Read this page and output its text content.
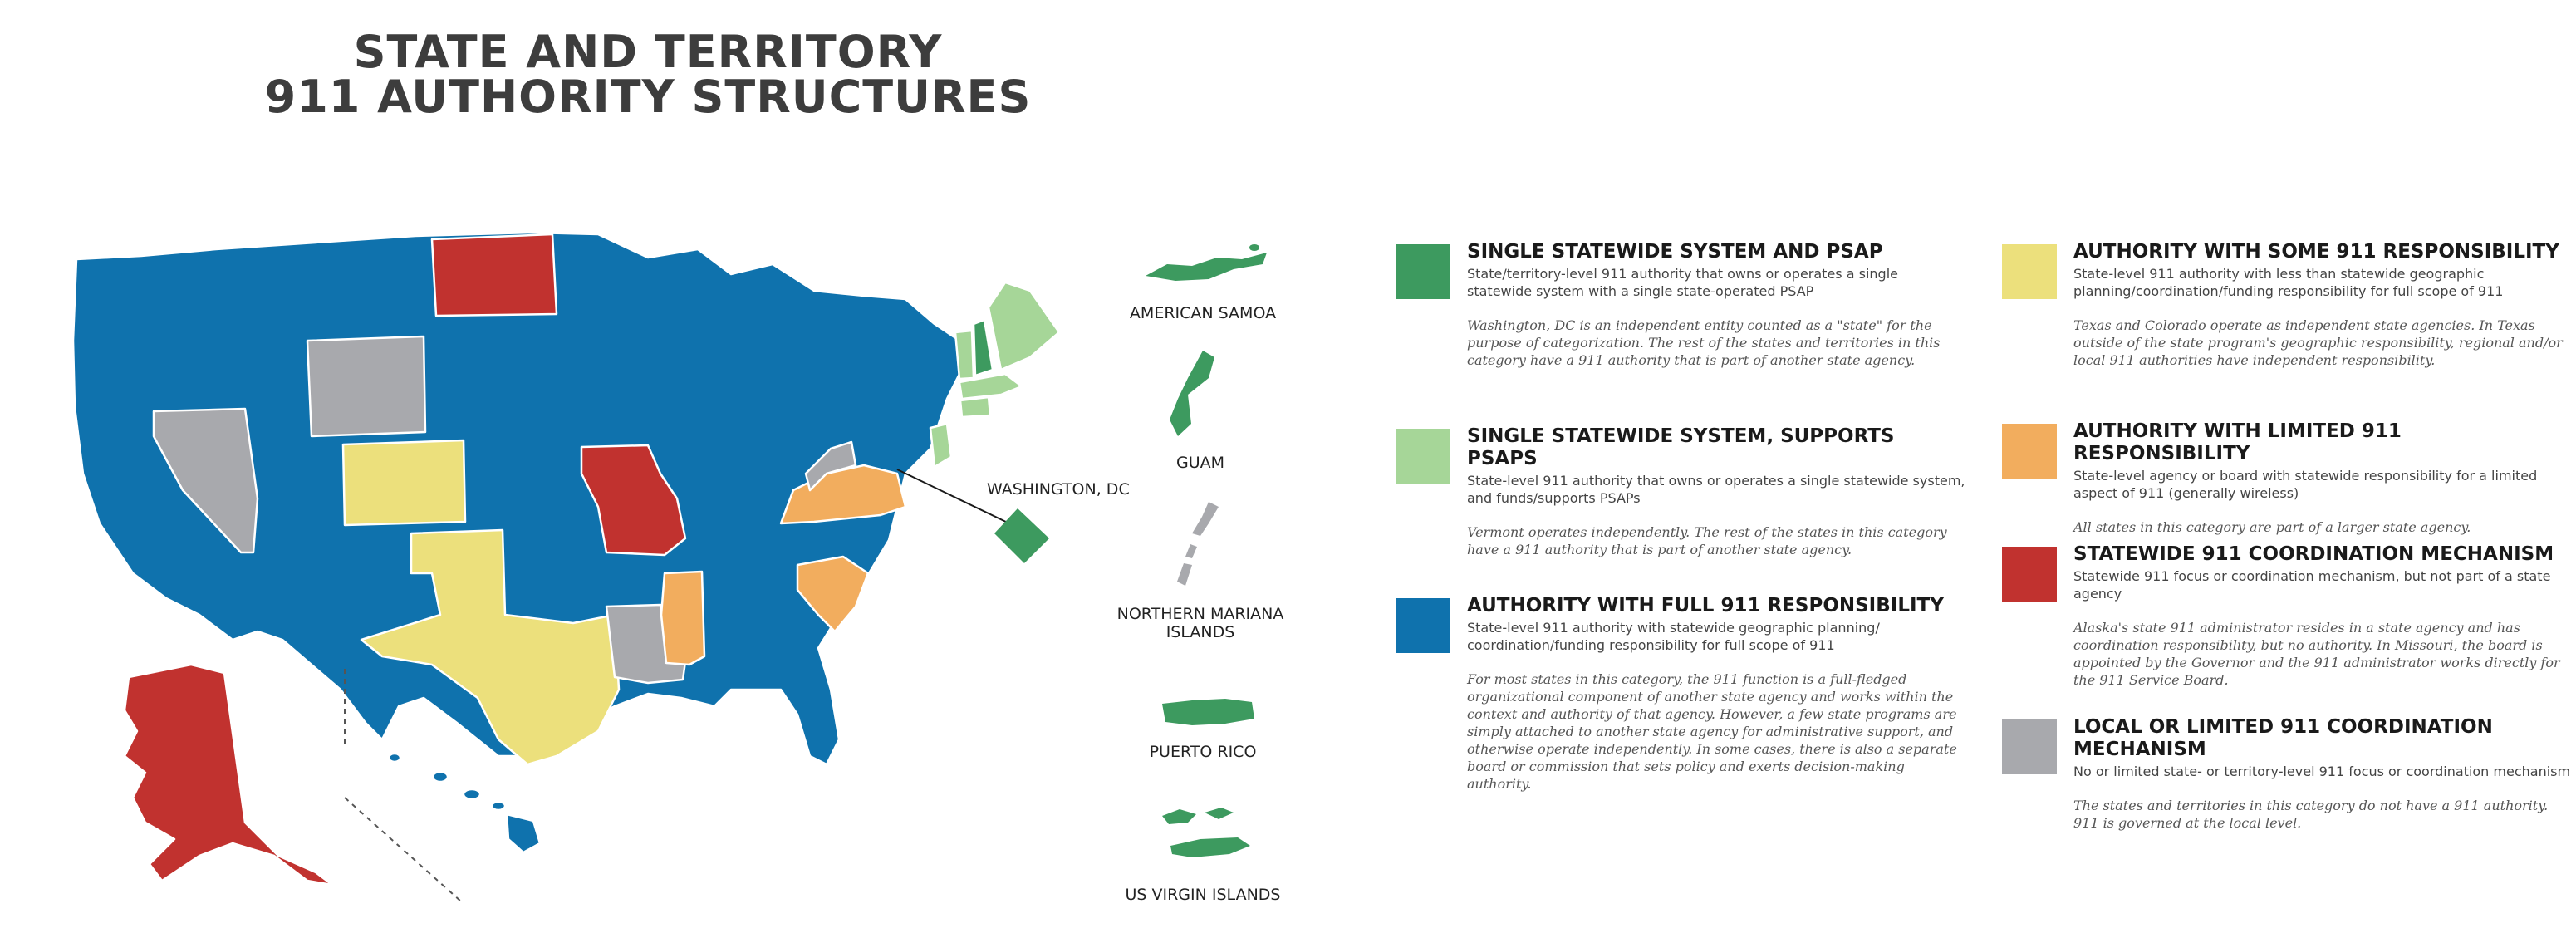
STATE AND TERRITORY
911 AUTHORITY STRUCTURES
WASHINGTON, DC
AMERICAN SAMOA
GUAM
NORTHERN MARIANA ISLANDS
PUERTO RICO
US VIRGIN ISLANDS
SINGLE STATEWIDE SYSTEM AND PSAP
State/territory-level 911 authority that owns or operates a single statewide system with a single state-operated PSAP
Washington, DC is an independent entity counted as a "state" for the purpose of categorization. The rest of the states and territories in this category have a 911 authority that is part of another state agency.
SINGLE STATEWIDE SYSTEM, SUPPORTS PSAPS
State-level 911 authority that owns or operates a single statewide system, and funds/supports PSAPs
Vermont operates independently. The rest of the states in this category have a 911 authority that is part of another state agency.
AUTHORITY WITH FULL 911 RESPONSIBILITY
State-level 911 authority with statewide geographic planning/ coordination/funding responsibility for full scope of 911
For most states in this category, the 911 function is a full-fledged organizational component of another state agency and works within the context and authority of that agency. However, a few state programs are simply attached to another state agency for administrative support, and otherwise operate independently. In some cases, there is also a separate board or commission that sets policy and exerts decision-making authority.
AUTHORITY WITH SOME 911 RESPONSIBILITY
State-level 911 authority with less than statewide geographic planning/coordination/funding responsibility for full scope of 911
Texas and Colorado operate as independent state agencies. In Texas outside of the state program's geographic responsibility, regional and/or local 911 authorities have independent responsibility.
AUTHORITY WITH LIMITED 911 RESPONSIBILITY
State-level agency or board with statewide responsibility for a limited aspect of 911 (generally wireless)
All states in this category are part of a larger state agency.
STATEWIDE 911 COORDINATION MECHANISM
Statewide 911 focus or coordination mechanism, but not part of a state agency
Alaska's state 911 administrator resides in a state agency and has coordination responsibility, but no authority. In Missouri, the board is appointed by the Governor and the 911 administrator works directly for the 911 Service Board.
LOCAL OR LIMITED 911 COORDINATION MECHANISM
No or limited state- or territory-level 911 focus or coordination mechanism
The states and territories in this category do not have a 911 authority. 911 is governed at the local level.
